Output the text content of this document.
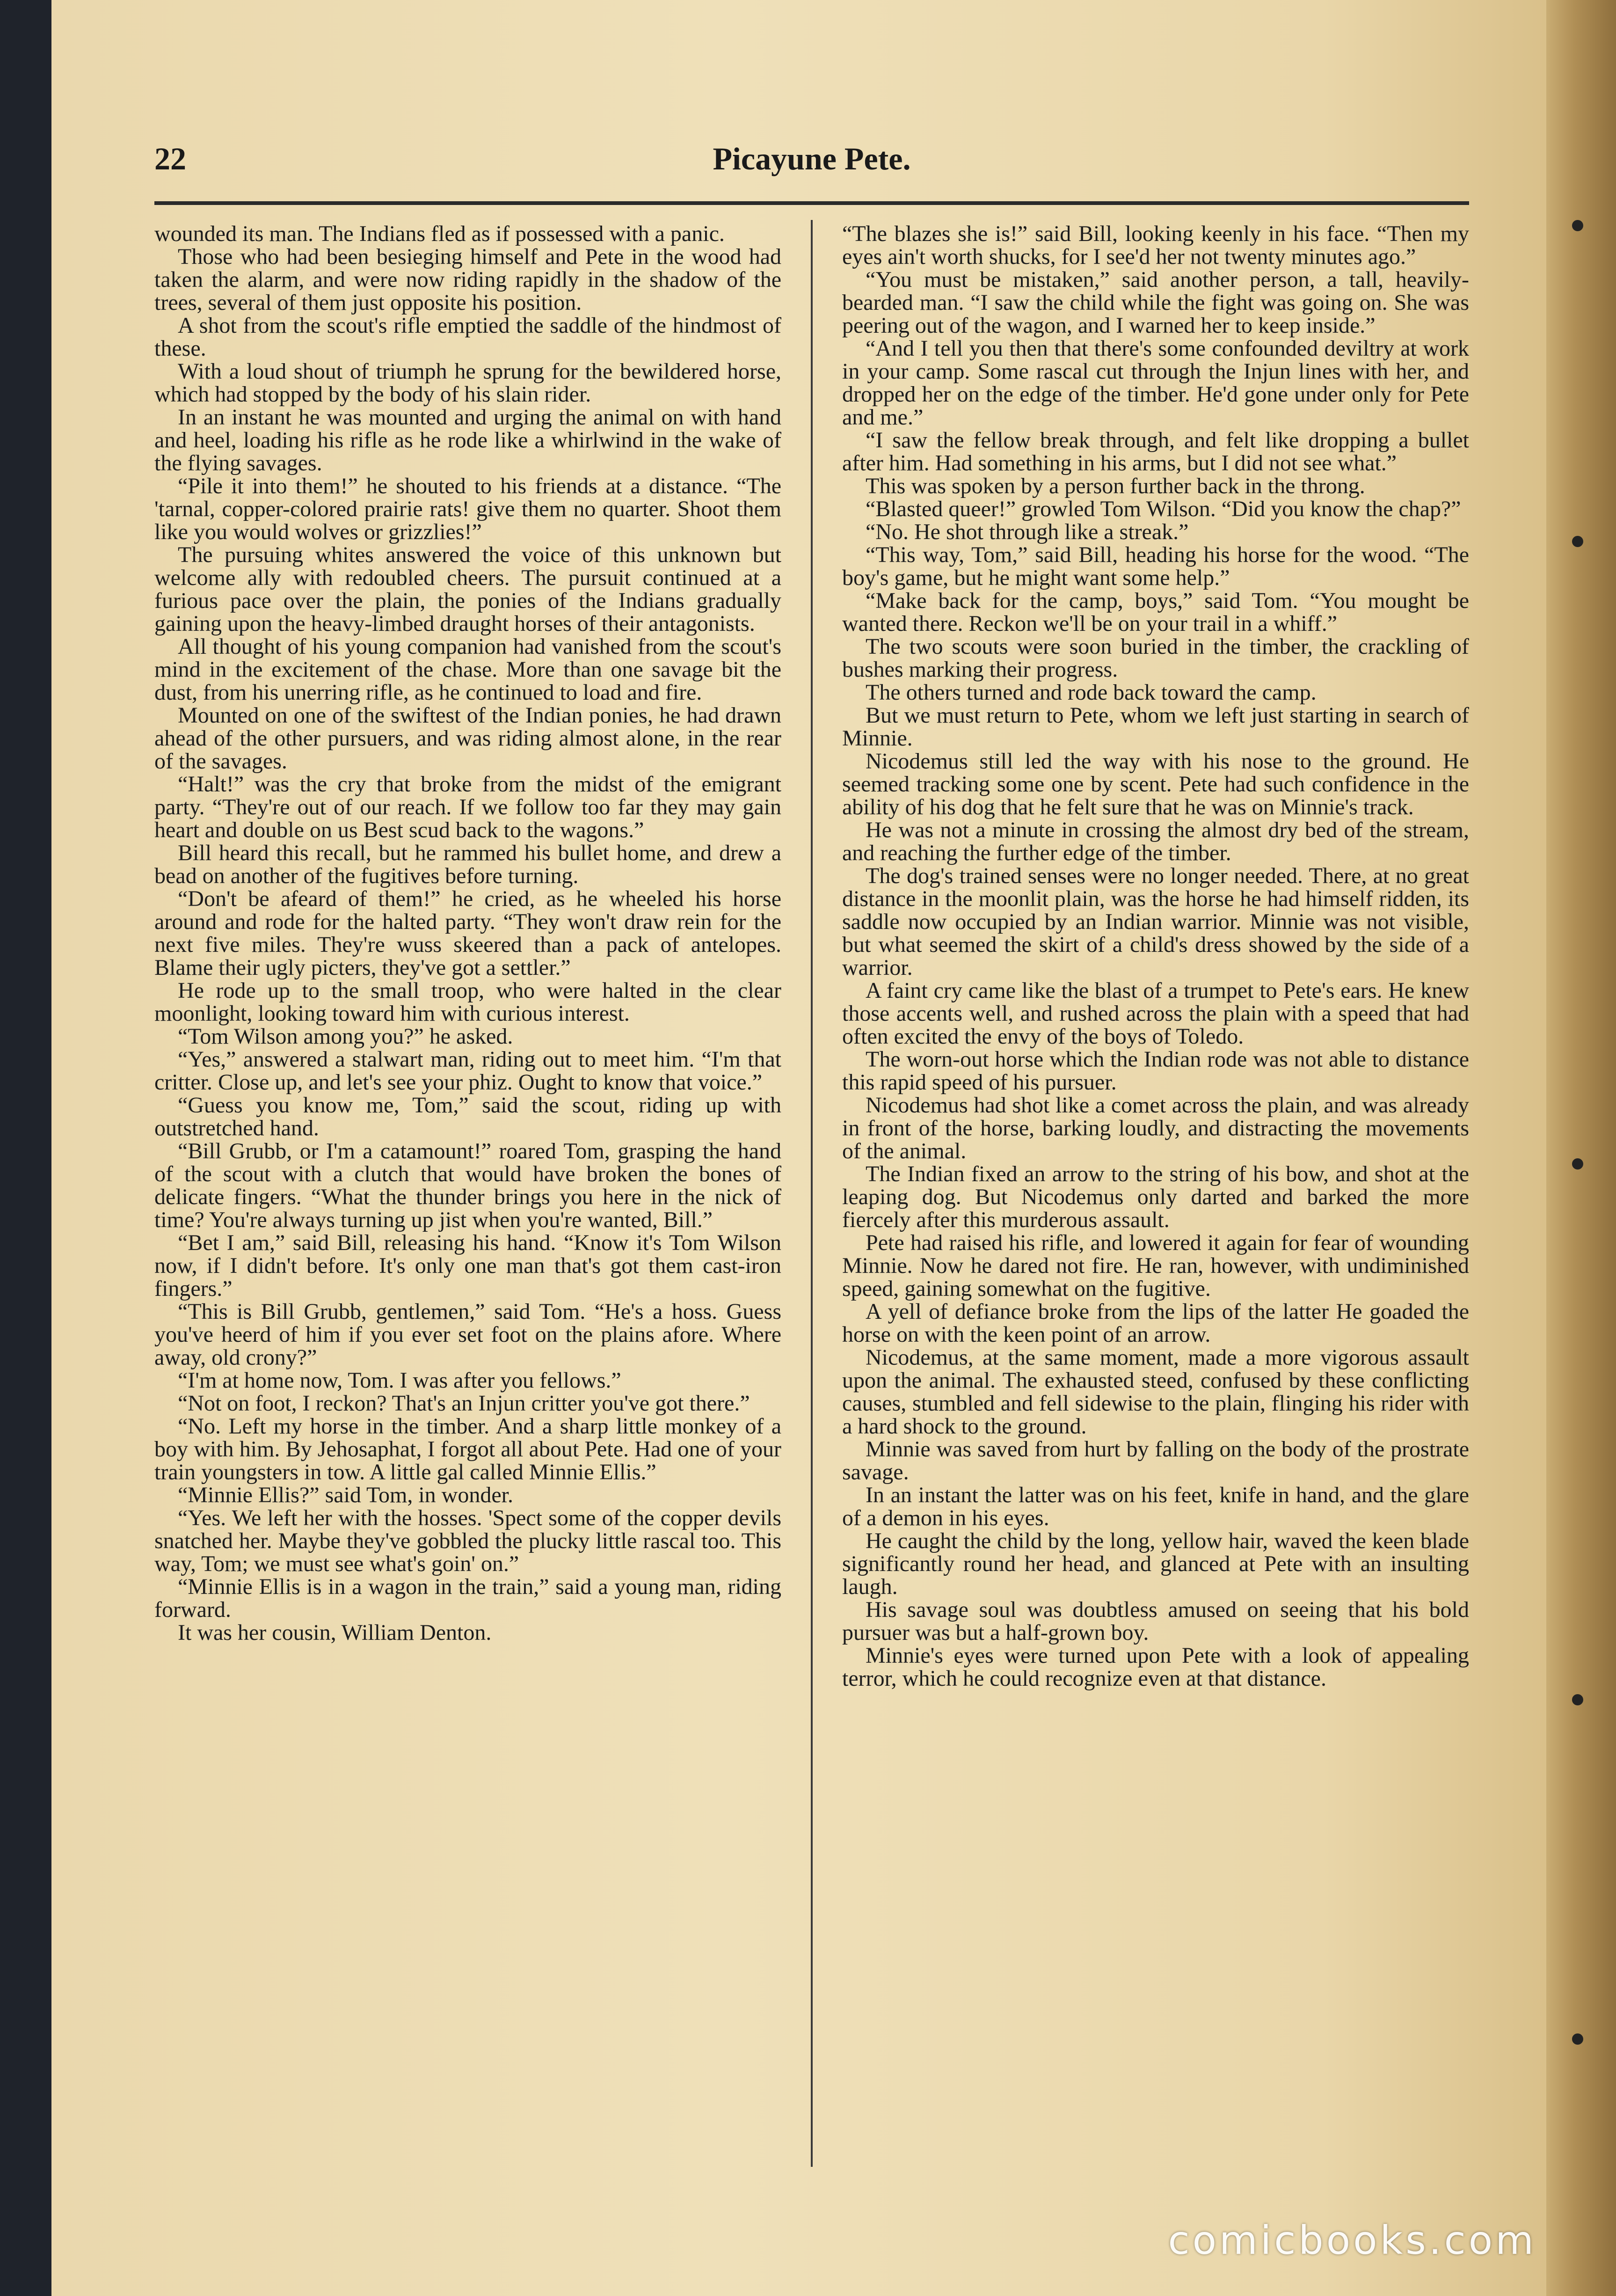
22	Picayune Pete.

wounded its man. The Indians fled as if possessed with a panic.

Those who had been besieging himself and Pete in the wood had taken the alarm, and were now riding rapidly in the shadow of the trees, several of them just opposite his position.

A shot from the scout's rifle emptied the saddle of the hindmost of these.

With a loud shout of triumph he sprung for the bewildered horse, which had stopped by the body of his slain rider.

In an instant he was mounted and urging the animal on with hand and heel, loading his rifle as he rode like a whirlwind in the wake of the flying savages.

“Pile it into them!” he shouted to his friends at a distance. “The 'tarnal, copper-colored prairie rats! give them no quarter. Shoot them like you would wolves or grizzlies!”

The pursuing whites answered the voice of this unknown but welcome ally with redoubled cheers. The pursuit continued at a furious pace over the plain, the ponies of the Indians gradually gaining upon the heavy-limbed draught horses of their antagonists.

All thought of his young companion had vanished from the scout's mind in the excitement of the chase. More than one savage bit the dust, from his unerring rifle, as he continued to load and fire.

Mounted on one of the swiftest of the Indian ponies, he had drawn ahead of the other pursuers, and was riding almost alone, in the rear of the savages.

“Halt!” was the cry that broke from the midst of the emigrant party. “They're out of our reach. If we follow too far they may gain heart and double on us Best scud back to the wagons.”

Bill heard this recall, but he rammed his bullet home, and drew a bead on another of the fugitives before turning.

“Don't be afeard of them!” he cried, as he wheeled his horse around and rode for the halted party. “They won't draw rein for the next five miles. They're wuss skeered than a pack of antelopes. Blame their ugly picters, they've got a settler.”

He rode up to the small troop, who were halted in the clear moonlight, looking toward him with curious interest.

“Tom Wilson among you?” he asked.

“Yes,” answered a stalwart man, riding out to meet him. “I'm that critter. Close up, and let's see your phiz. Ought to know that voice.”

“Guess you know me, Tom,” said the scout, riding up with outstretched hand.

“Bill Grubb, or I'm a catamount!” roared Tom, grasping the hand of the scout with a clutch that would have broken the bones of delicate fingers. “What the thunder brings you here in the nick of time? You're always turning up jist when you're wanted, Bill.”

“Bet I am,” said Bill, releasing his hand. “Know it's Tom Wilson now, if I didn't before. It's only one man that's got them cast-iron fingers.”

“This is Bill Grubb, gentlemen,” said Tom. “He's a hoss. Guess you've heerd of him if you ever set foot on the plains afore. Where away, old crony?”

“I'm at home now, Tom. I was after you fellows.”

“Not on foot, I reckon? That's an Injun critter you've got there.”

“No. Left my horse in the timber. And a sharp little monkey of a boy with him. By Jehosaphat, I forgot all about Pete. Had one of your train youngsters in tow. A little gal called Minnie Ellis.”

“Minnie Ellis?” said Tom, in wonder.

“Yes. We left her with the hosses. 'Spect some of the copper devils snatched her. Maybe they've gobbled the plucky little rascal too. This way, Tom; we must see what's goin' on.”

“Minnie Ellis is in a wagon in the train,” said a young man, riding forward.

It was her cousin, William Denton.

“The blazes she is!” said Bill, looking keenly in his face. “Then my eyes ain't worth shucks, for I see'd her not twenty minutes ago.”

“You must be mistaken,” said another person, a tall, heavily-bearded man. “I saw the child while the fight was going on. She was peering out of the wagon, and I warned her to keep inside.”

“And I tell you then that there's some confounded deviltry at work in your camp. Some rascal cut through the Injun lines with her, and dropped her on the edge of the timber. He'd gone under only for Pete and me.”

“I saw the fellow break through, and felt like dropping a bullet after him. Had something in his arms, but I did not see what.”

This was spoken by a person further back in the throng.

“Blasted queer!” growled Tom Wilson. “Did you know the chap?”

“No. He shot through like a streak.”

“This way, Tom,” said Bill, heading his horse for the wood. “The boy's game, but he might want some help.”

“Make back for the camp, boys,” said Tom. “You mought be wanted there. Reckon we'll be on your trail in a whiff.”

The two scouts were soon buried in the timber, the crackling of bushes marking their progress.

The others turned and rode back toward the camp.

But we must return to Pete, whom we left just starting in search of Minnie.

Nicodemus still led the way with his nose to the ground. He seemed tracking some one by scent. Pete had such confidence in the ability of his dog that he felt sure that he was on Minnie's track.

He was not a minute in crossing the almost dry bed of the stream, and reaching the further edge of the timber.

The dog's trained senses were no longer needed. There, at no great distance in the moonlit plain, was the horse he had himself ridden, its saddle now occupied by an Indian warrior. Minnie was not visible, but what seemed the skirt of a child's dress showed by the side of a warrior.

A faint cry came like the blast of a trumpet to Pete's ears. He knew those accents well, and rushed across the plain with a speed that had often excited the envy of the boys of Toledo.

The worn-out horse which the Indian rode was not able to distance this rapid speed of his pursuer.

Nicodemus had shot like a comet across the plain, and was already in front of the horse, barking loudly, and distracting the movements of the animal.

The Indian fixed an arrow to the string of his bow, and shot at the leaping dog. But Nicodemus only darted and barked the more fiercely after this murderous assault.

Pete had raised his rifle, and lowered it again for fear of wounding Minnie. Now he dared not fire. He ran, however, with undiminished speed, gaining somewhat on the fugitive.

A yell of defiance broke from the lips of the latter He goaded the horse on with the keen point of an arrow.

Nicodemus, at the same moment, made a more vigorous assault upon the animal. The exhausted steed, confused by these conflicting causes, stumbled and fell sidewise to the plain, flinging his rider with a hard shock to the ground.

Minnie was saved from hurt by falling on the body of the prostrate savage.

In an instant the latter was on his feet, knife in hand, and the glare of a demon in his eyes.

He caught the child by the long, yellow hair, waved the keen blade significantly round her head, and glanced at Pete with an insulting laugh.

His savage soul was doubtless amused on seeing that his bold pursuer was but a half-grown boy.

Minnie's eyes were turned upon Pete with a look of appealing terror, which he could recognize even at that distance.

comicbooks.com
